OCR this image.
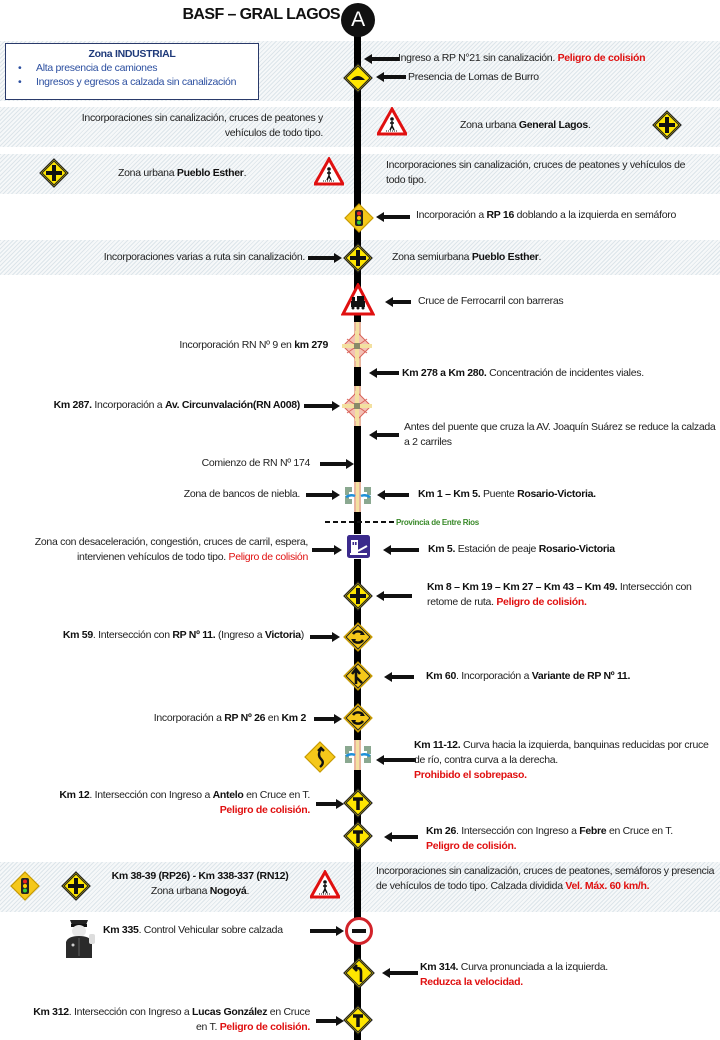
BASF – GRAL LAGOS A
Zona INDUSTRIAL
• Alta presencia de camiones
• Ingresos y egresos a calzada sin canalización
Ingreso a RP N°21 sin canalización. Peligro de colisión
Presencia de Lomas de Burro
Incorporaciones sin canalización, cruces de peatones y vehículos de todo tipo.
Zona urbana General Lagos.
Zona urbana Pueblo Esther.
Incorporaciones sin canalización, cruces de peatones y vehículos de todo tipo.
Incorporación a RP 16 doblando a la izquierda en semáforo
Incorporaciones varias a ruta sin canalización.	Zona semiurbana Pueblo Esther.
Cruce de Ferrocarril con barreras
Incorporación RN Nº 9 en km 279
Km 278 a Km 280. Concentración de incidentes viales.
Km 287. Incorporación a Av. Circunvalación(RN A008)
Antes del puente que cruza la AV. Joaquín Suárez se reduce la calzada a 2 carriles
Comienzo de RN Nº 174
Zona de bancos de niebla.	Km 1 – Km 5. Puente Rosario-Victoria.
Provincia de Entre Rios
Zona con desaceleración, congestión, cruces de carril, espera, intervienen vehículos de todo tipo. Peligro de colisión
Km 5. Estación de peaje Rosario-Victoria
Km 8 – Km 19 – Km 27 – Km 43 – Km 49. Intersección con retome de ruta. Peligro de colisión.
Km 59. Intersección con RP Nº 11. (Ingreso a Victoria)
Km 60. Incorporación a Variante de RP Nº 11.
Incorporación a RP Nº 26 en Km 2
Km 11-12. Curva hacia la izquierda, banquinas reducidas por cruce de río, contra curva a la derecha.
Prohibido el sobrepaso.
Km 12. Intersección con Ingreso a Antelo en Cruce en T. Peligro de colisión.
Km 26. Intersección con Ingreso a Febre en Cruce en T. Peligro de colisión.
Km 38-39 (RP26) - Km 338-337 (RN12)
Zona urbana Nogoyá.
Incorporaciones sin canalización, cruces de peatones, semáforos y presencia de vehículos de todo tipo. Calzada dividida Vel. Máx. 60 km/h.
Km 335. Control Vehicular sobre calzada
Km 314. Curva pronunciada a la izquierda.
Reduzca la velocidad.
Km 312. Intersección con Ingreso a Lucas González en Cruce en T. Peligro de colisión.
